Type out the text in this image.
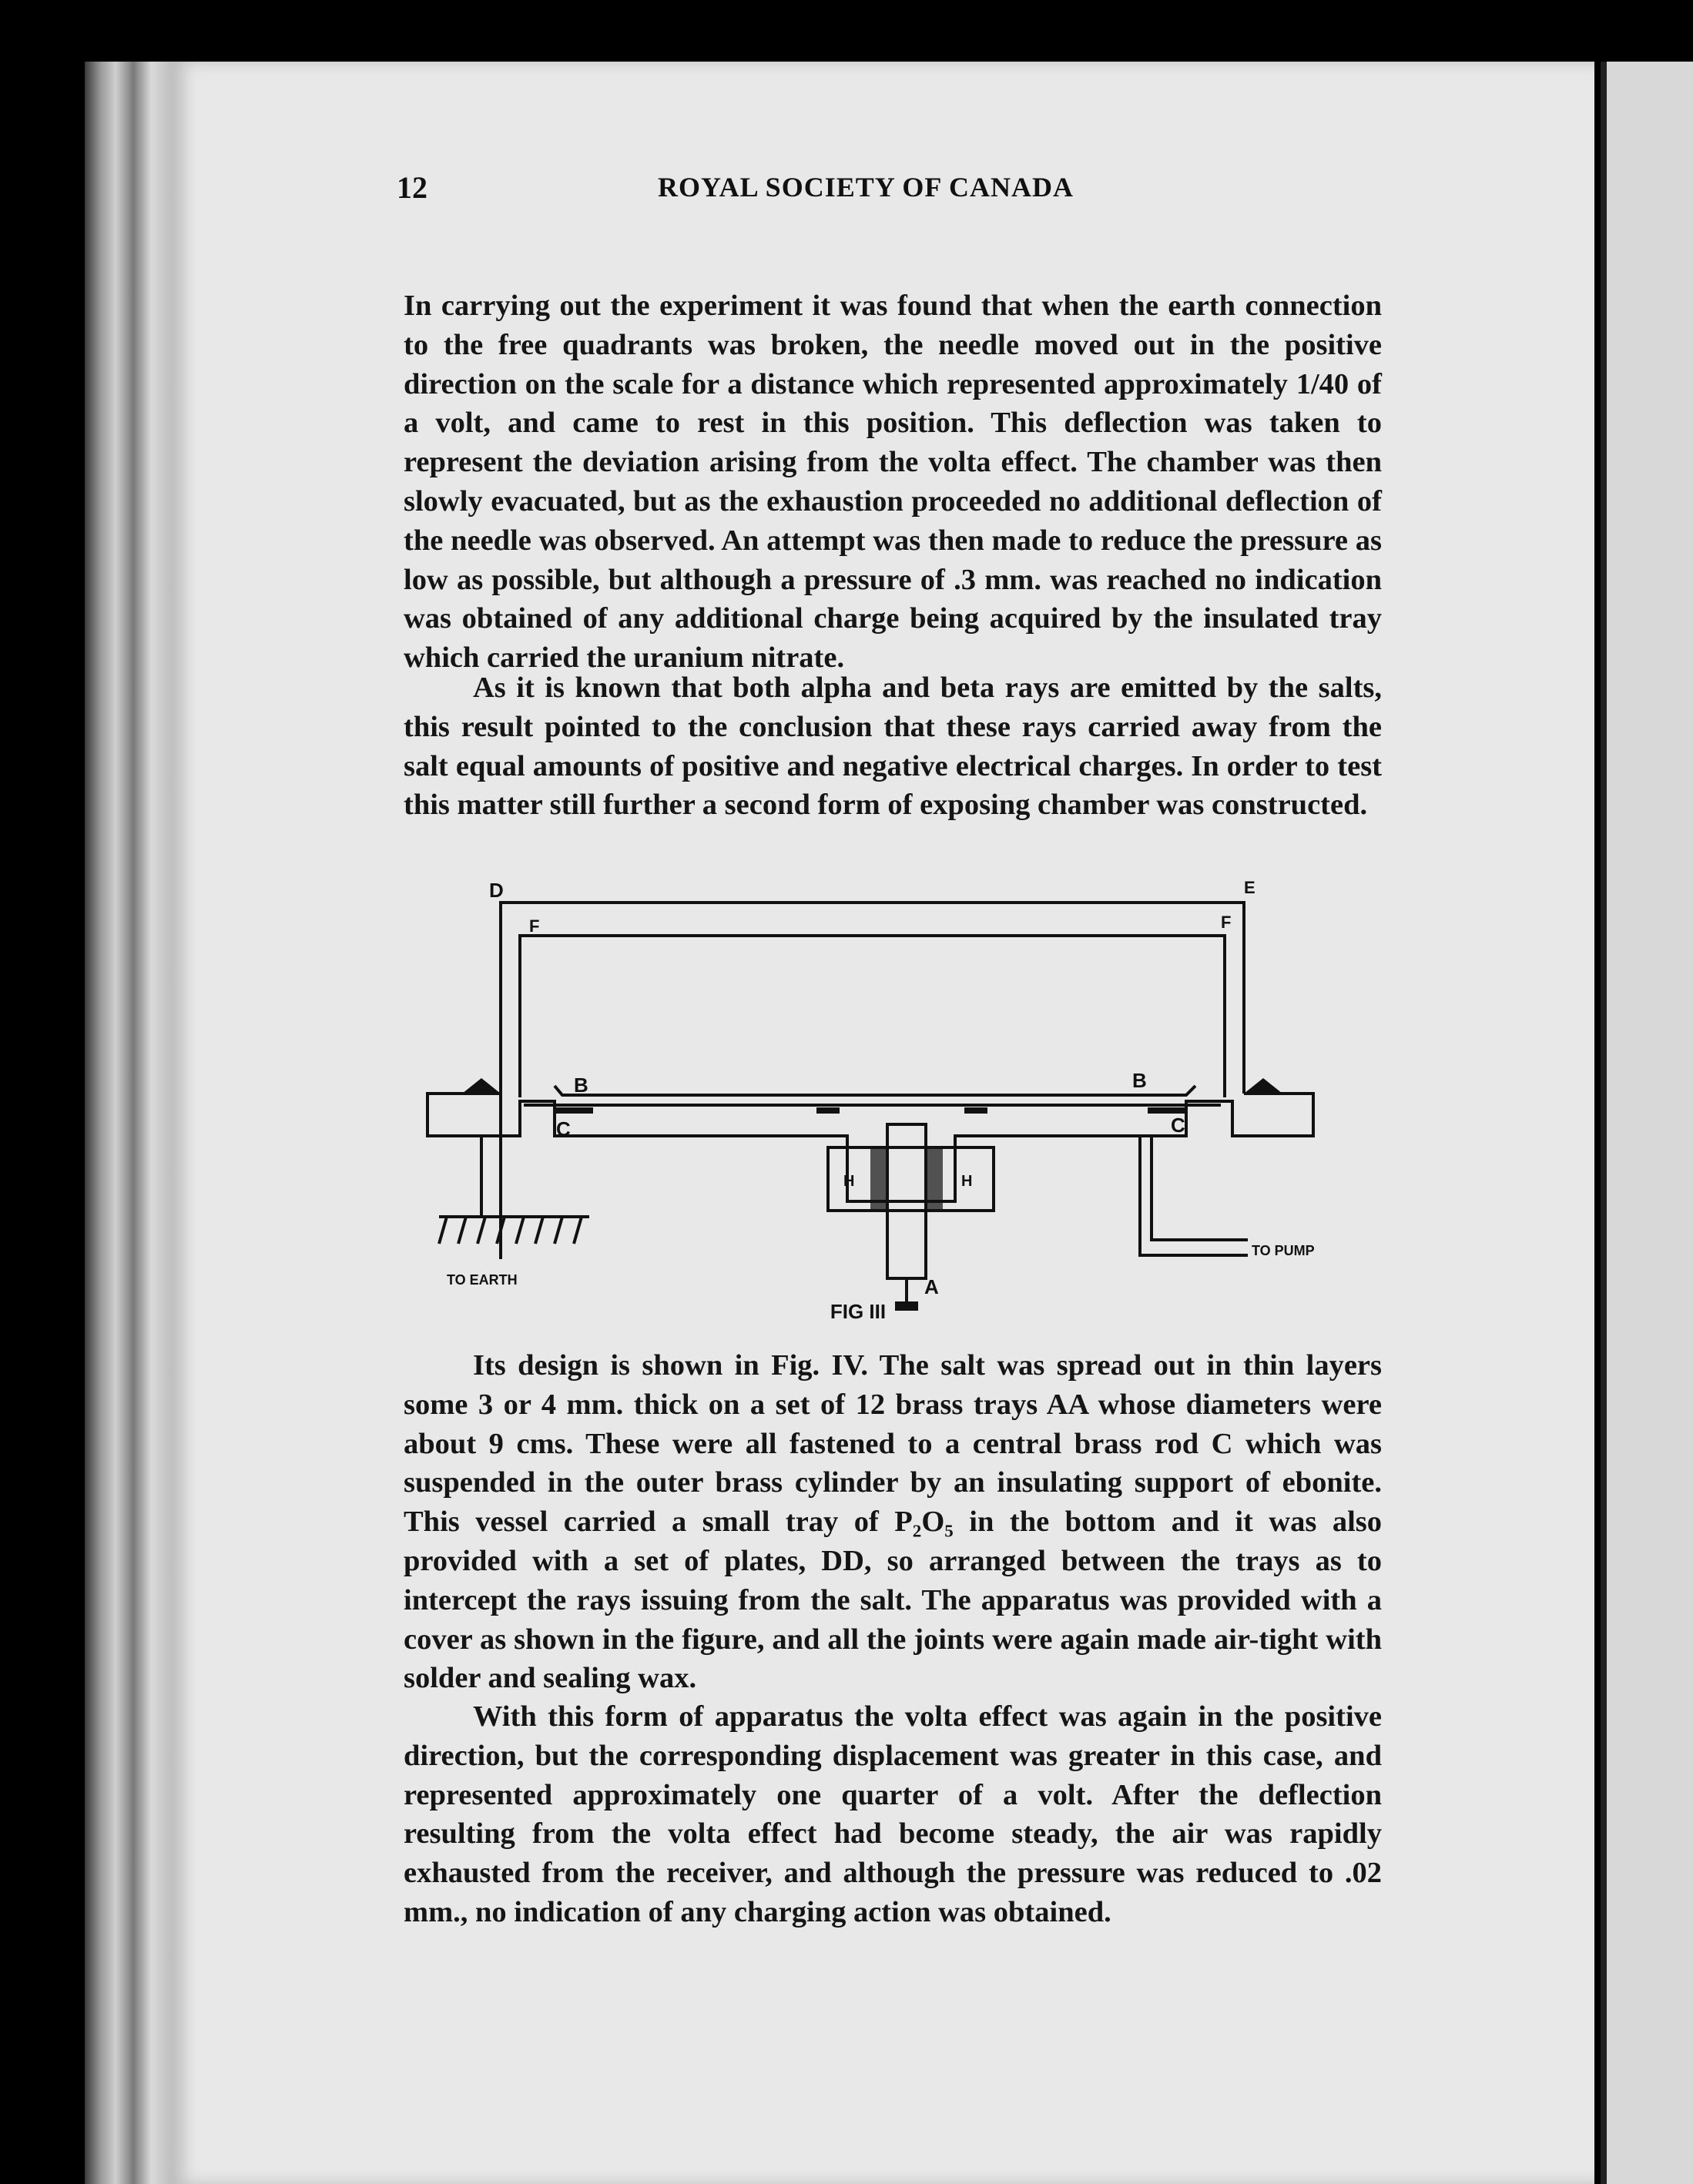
12	ROYAL SOCIETY OF CANADA

In carrying out the experiment it was found that when the earth connection to the free quadrants was broken, the needle moved out in the positive direction on the scale for a distance which represented approximately 1/40 of a volt, and came to rest in this position. This deflection was taken to represent the deviation arising from the volta effect. The chamber was then slowly evacuated, but as the exhaustion proceeded no additional deflection of the needle was observed. An attempt was then made to reduce the pressure as low as possible, but although a pressure of .3 mm. was reached no indication was obtained of any additional charge being acquired by the insulated tray which carried the uranium nitrate.

As it is known that both alpha and beta rays are emitted by the salts, this result pointed to the conclusion that these rays carried away from the salt equal amounts of positive and negative electrical charges. In order to test this matter still further a second form of exposing chamber was constructed.

D	E
F	F
B	B
C	C
H	H
A
TO PUMP
TO EARTH
FIG III

Its design is shown in Fig. IV. The salt was spread out in thin layers some 3 or 4 mm. thick on a set of 12 brass trays AA whose diameters were about 9 cms. These were all fastened to a central brass rod C which was suspended in the outer brass cylinder by an insulating support of ebonite. This vessel carried a small tray of P₂O₅ in the bottom and it was also provided with a set of plates, DD, so arranged between the trays as to intercept the rays issuing from the salt. The apparatus was provided with a cover as shown in the figure, and all the joints were again made air-tight with solder and sealing wax.

With this form of apparatus the volta effect was again in the positive direction, but the corresponding displacement was greater in this case, and represented approximately one quarter of a volt. After the deflection resulting from the volta effect had become steady, the air was rapidly exhausted from the receiver, and although the pressure was reduced to .02 mm., no indication of any charging action was obtained.
